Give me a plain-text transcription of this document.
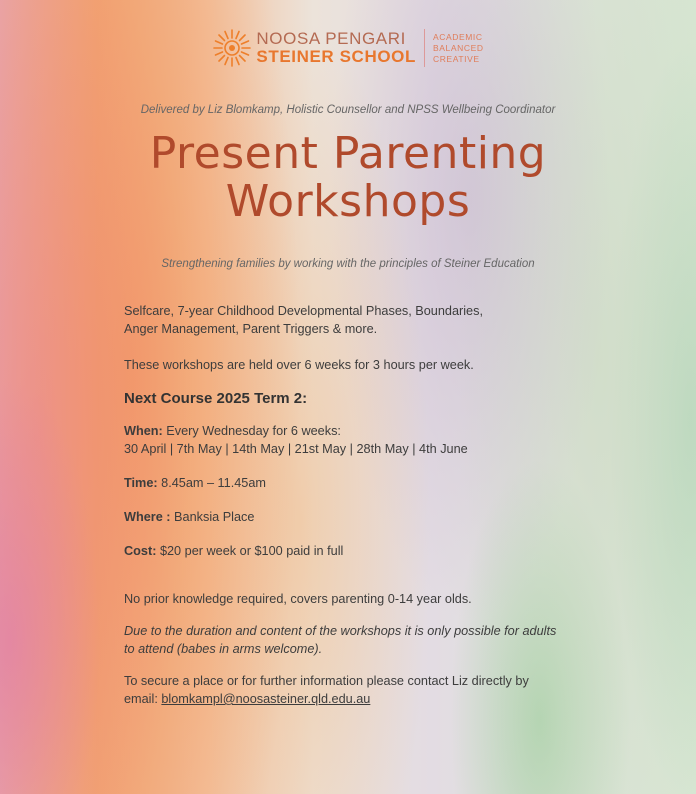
NOOSA PENGARI
STEINER SCHOOL
ACADEMIC
BALANCED
CREATIVE
Delivered by Liz Blomkamp, Holistic Counsellor and NPSS Wellbeing Coordinator
Present Parenting
Workshops
Strengthening families by working with the principles of Steiner Education

Selfcare, 7-year Childhood Developmental Phases, Boundaries,
Anger Management, Parent Triggers & more.

These workshops are held over 6 weeks for 3 hours per week.

Next Course 2025 Term 2:

When: Every Wednesday for 6 weeks:
30 April | 7th May | 14th May | 21st May | 28th May | 4th June

Time: 8.45am – 11.45am

Where : Banksia Place

Cost: $20 per week or $100 paid in full

No prior knowledge required, covers parenting 0-14 year olds.

Due to the duration and content of the workshops it is only possible for adults
to attend (babes in arms welcome).

To secure a place or for further information please contact Liz directly by
email: blomkampl@noosasteiner.qld.edu.au
